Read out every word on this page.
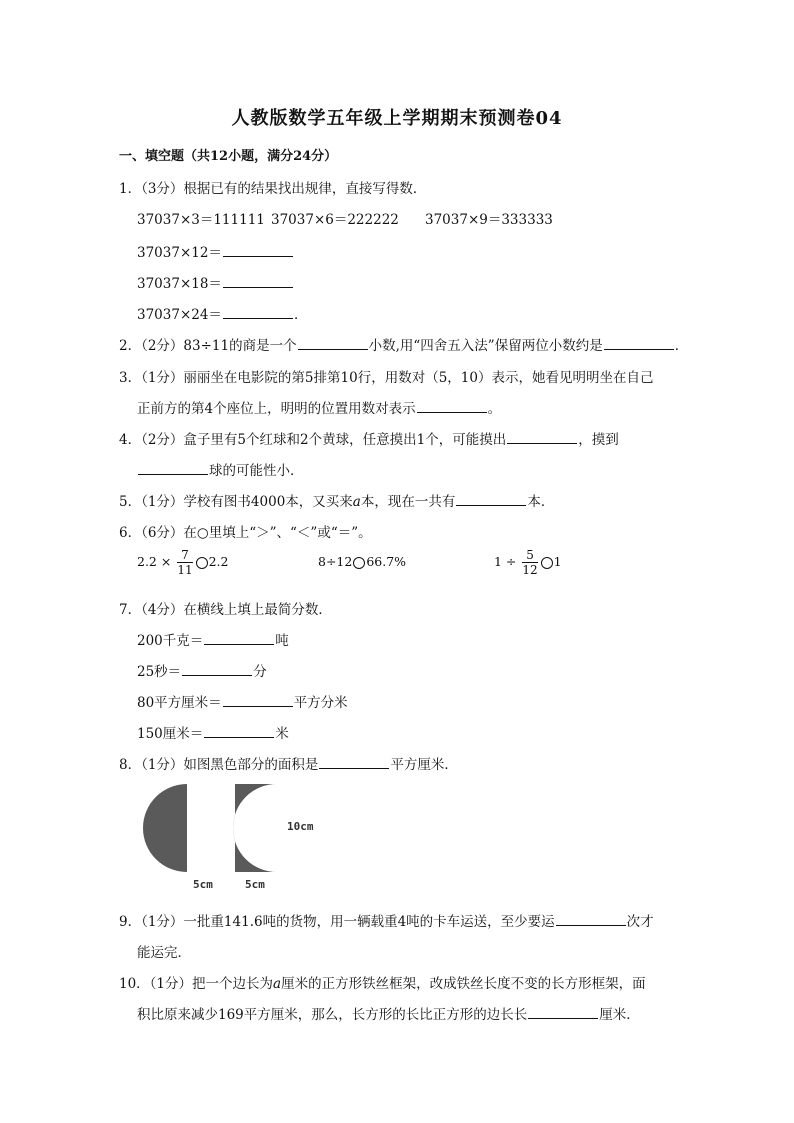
人教版数学五年级上学期期末预测卷04
一、填空题（共12小题，满分24分）
1．（3分）根据已有的结果找出规律，直接写得数．
37037×3＝111111 37037×6＝222222 37037×9＝333333
37037×12＝
37037×18＝
37037×24＝	．
2．（2分）83÷11的商是一个	小数,用“四舍五入法”保留两位小数约是	．
3．（1分）丽丽坐在电影院的第5排第10行，用数对（5，10）表示，她看见明明坐在自己
正前方的第4个座位上，明明的位置用数对表示	。
4．（2分）盒子里有5个红球和2个黄球，任意摸出1个，可能摸出	，摸到
球的可能性小．
5．（1分）学校有图书4000本，又买来a本，现在一共有	本．
6．（6分）在○里填上“＞”、“＜”或“＝”。
$2.2 \times \frac{7}{11} 2.2$	8÷12 66.7%	$1 \div \frac{5}{12} 1$
7．（4分）在横线上填上最简分数．
200千克＝	吨
25秒＝	分
80平方厘米＝	平方分米
150厘米＝	米
8．（1分）如图黑色部分的面积是	平方厘米．
10cm
5cm	5cm
9．（1分）一批重141.6吨的货物，用一辆载重4吨的卡车运送，至少要运	次才
能运完．
10．（1分）把一个边长为a厘米的正方形铁丝框架，改成铁丝长度不变的长方形框架，面
积比原来减少169平方厘米，那么，长方形的长比正方形的边长长	厘米．
